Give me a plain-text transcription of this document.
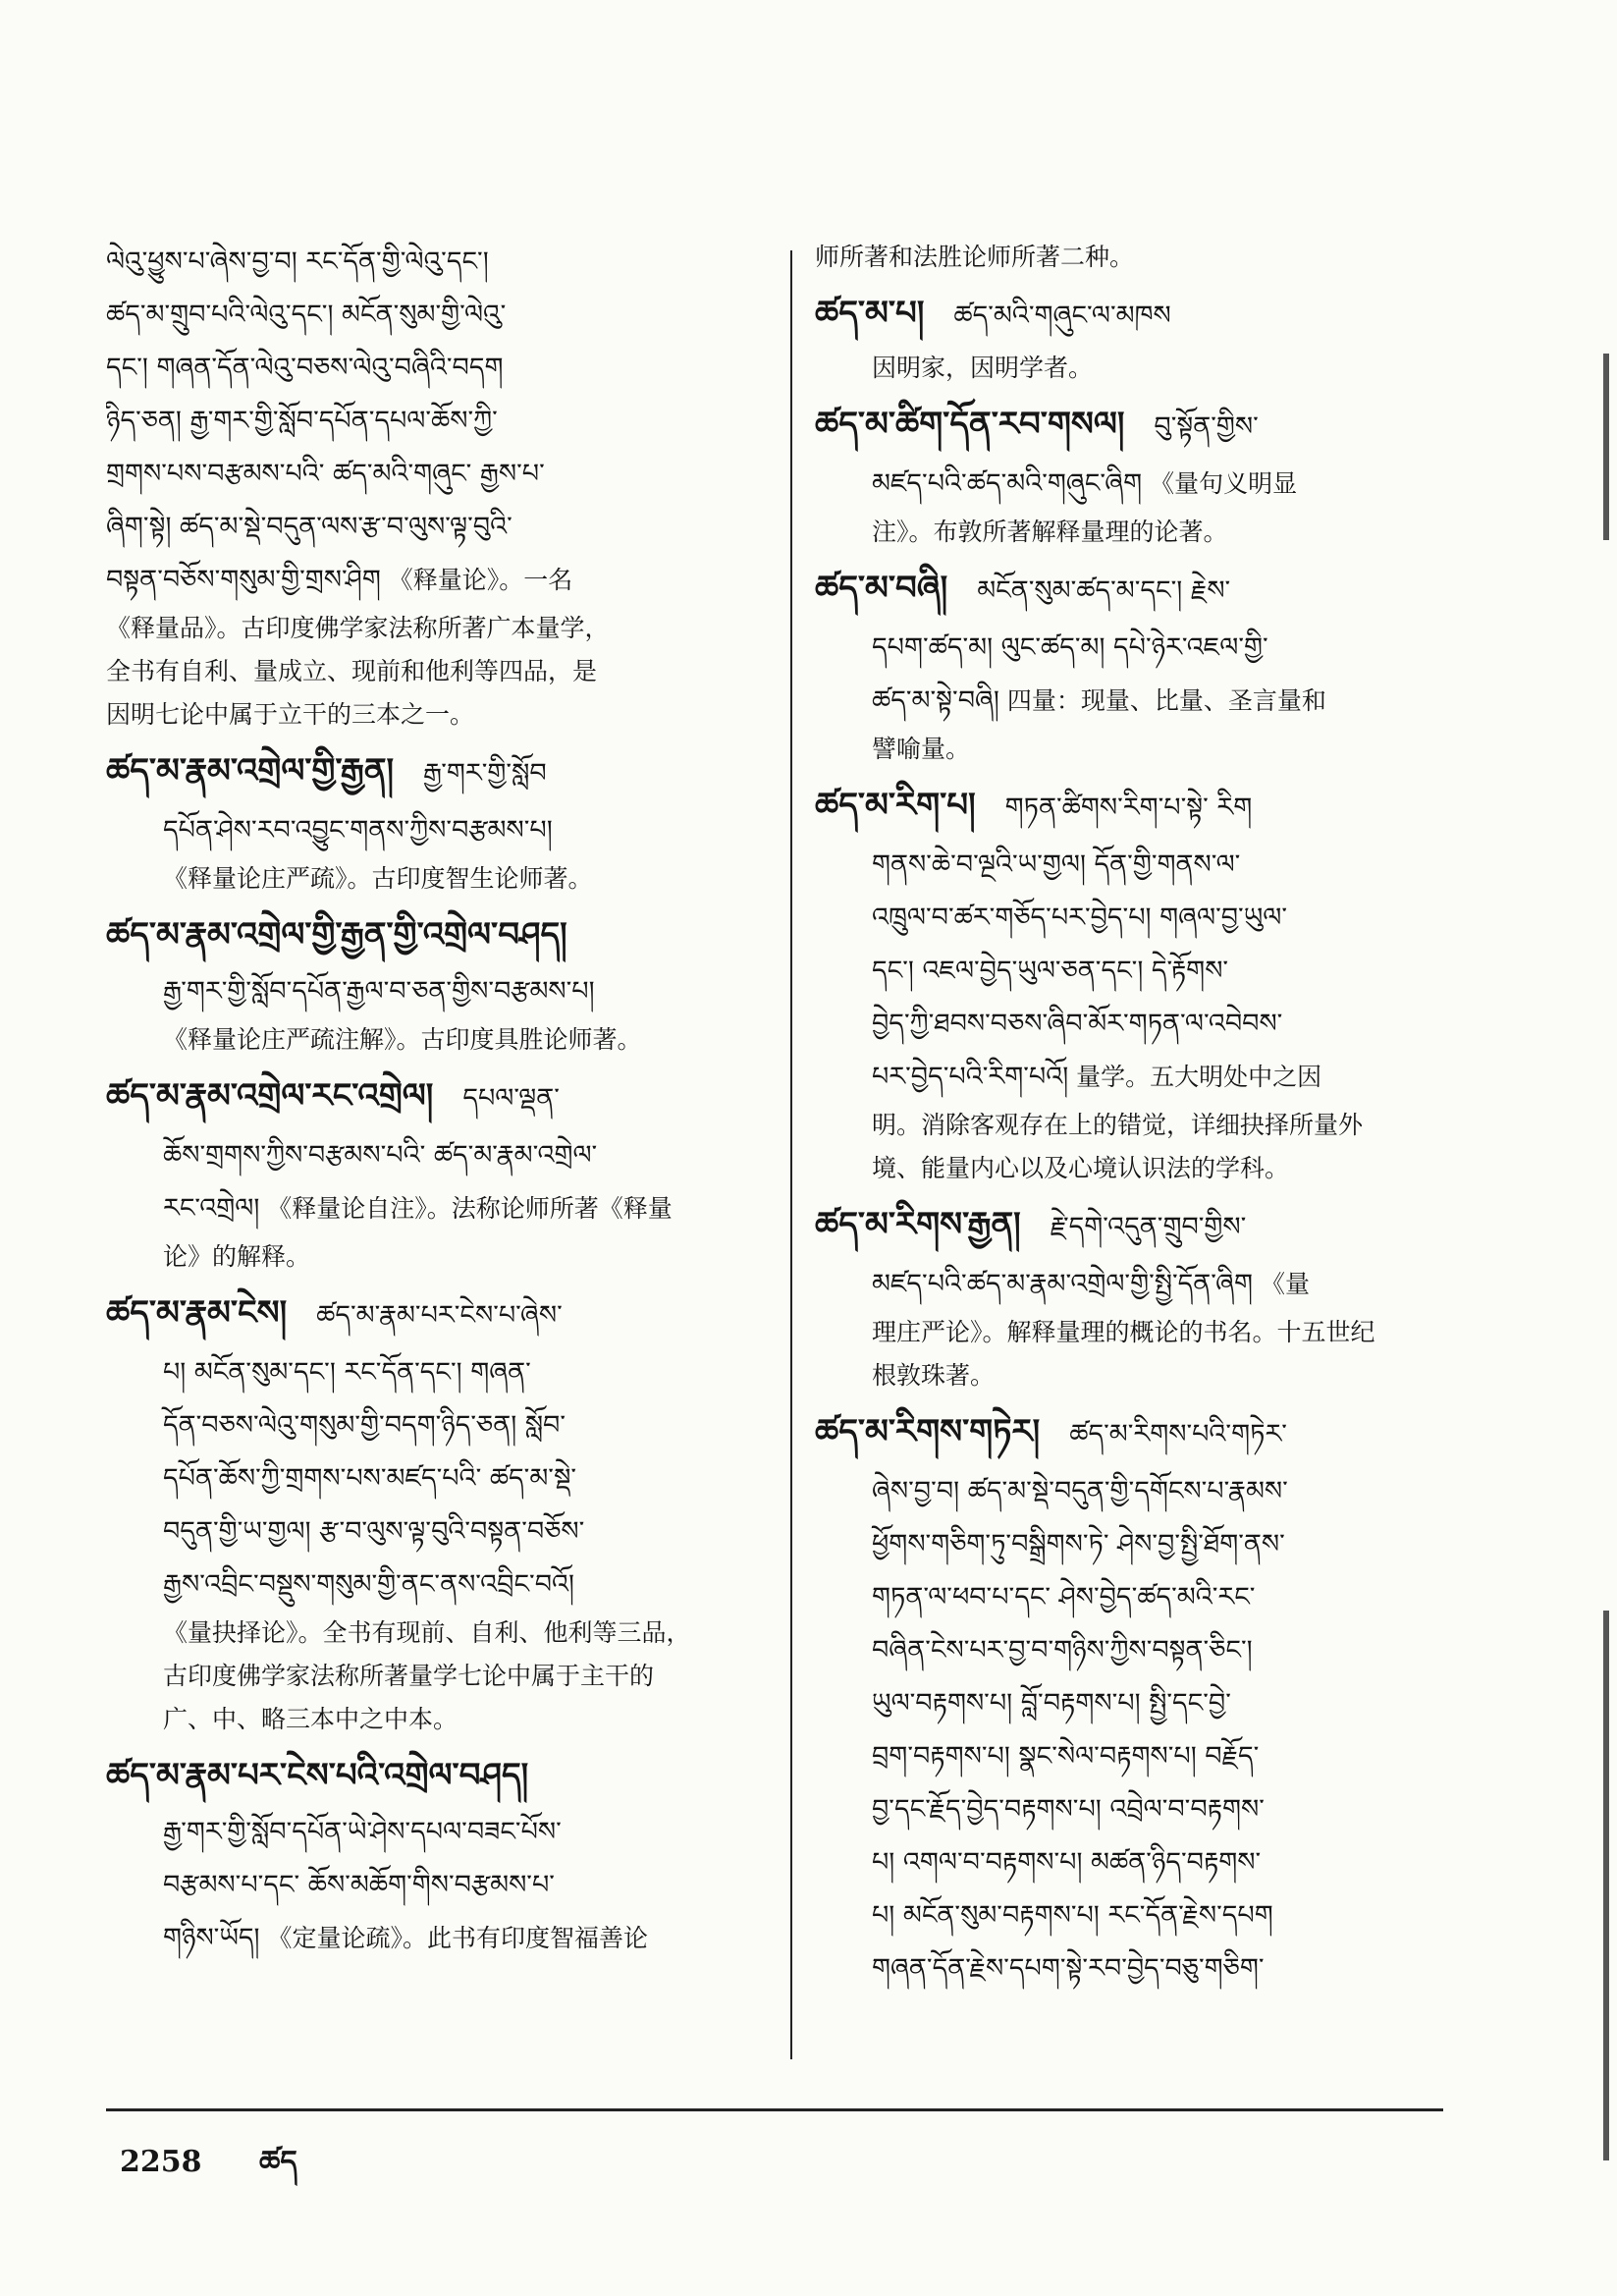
ལེའུ་ཕྱུས་པ་ཞེས་བྱ་བ། རང་དོན་གྱི་ལེའུ་དང་།
ཚད་མ་གྲུབ་པའི་ལེའུ་དང་། མངོན་སུམ་གྱི་ལེའུ་
དང་། གཞན་དོན་ལེའུ་བཅས་ལེའུ་བཞིའི་བདག
ཉིད་ཅན། རྒྱ་གར་གྱི་སློབ་དཔོན་དཔལ་ཆོས་ཀྱི་
གྲགས་པས་བརྩམས་པའི་ ཚད་མའི་གཞུང་ རྒྱས་པ་
ཞིག་སྟེ། ཚད་མ་སྡེ་བདུན་ལས་རྩ་བ་ལུས་ལྟ་བུའི་
བསྟན་བཅོས་གསུམ་གྱི་གྲས་ཤིག 《释量论》。一名
《释量品》。古印度佛学家法称所著广本量学，
全书有自利、量成立、现前和他利等四品，是
因明七论中属于立干的三本之一。
ཚད་མ་རྣམ་འགྲེལ་གྱི་རྒྱན། རྒྱ་གར་གྱི་སློབ
དཔོན་ཤེས་རབ་འབྱུང་གནས་ཀྱིས་བརྩམས་པ།
《释量论庄严疏》。古印度智生论师著。
ཚད་མ་རྣམ་འགྲེལ་གྱི་རྒྱན་གྱི་འགྲེལ་བཤད།
རྒྱ་གར་གྱི་སློབ་དཔོན་རྒྱལ་བ་ཅན་གྱིས་བརྩམས་པ།
《释量论庄严疏注解》。古印度具胜论师著。
ཚད་མ་རྣམ་འགྲེལ་རང་འགྲེལ། དཔལ་ལྡན་
ཆོས་གྲགས་ཀྱིས་བརྩམས་པའི་ ཚད་མ་རྣམ་འགྲེལ་
རང་འགྲེལ། 《释量论自注》。法称论师所著《释量
论》的解释。
ཚད་མ་རྣམ་ངེས། ཚད་མ་རྣམ་པར་ངེས་པ་ཞེས་
པ། མངོན་སུམ་དང་། རང་དོན་དང་། གཞན་
དོན་བཅས་ལེའུ་གསུམ་གྱི་བདག་ཉིད་ཅན། སློབ་
དཔོན་ཆོས་ཀྱི་གྲགས་པས་མཛད་པའི་ ཚད་མ་སྡེ་
བདུན་གྱི་ཡ་གྱལ། རྩ་བ་ལུས་ལྟ་བུའི་བསྟན་བཅོས་
རྒྱས་འབྲིང་བསྡུས་གསུམ་གྱི་ནང་ནས་འབྲིང་བའོ།
《量抉择论》。全书有现前、自利、他利等三品，
古印度佛学家法称所著量学七论中属于主干的
广、中、略三本中之中本。
ཚད་མ་རྣམ་པར་ངེས་པའི་འགྲེལ་བཤད།
རྒྱ་གར་གྱི་སློབ་དཔོན་ཡེ་ཤེས་དཔལ་བཟང་པོས་
བརྩམས་པ་དང་ ཆོས་མཆོག་གིས་བརྩམས་པ་
གཉིས་ཡོད། 《定量论疏》。此书有印度智福善论
师所著和法胜论师所著二种。
ཚད་མ་པ། ཚད་མའི་གཞུང་ལ་མཁས
因明家，因明学者。
ཚད་མ་ཚིག་དོན་རབ་གསལ། བུ་སྟོན་གྱིས་
མཛད་པའི་ཚད་མའི་གཞུང་ཞིག 《量句义明显
注》。布敦所著解释量理的论著。
ཚད་མ་བཞི། མངོན་སུམ་ཚད་མ་དང་། རྗེས་
དཔག་ཚད་མ། ལུང་ཚད་མ། དཔེ་ཉེར་འཇལ་གྱི་
ཚད་མ་སྟེ་བཞི། 四量：现量、比量、圣言量和
譬喻量。
ཚད་མ་རིག་པ། གཏན་ཚིགས་རིག་པ་སྟེ་ རིག
གནས་ཆེ་བ་ལྔའི་ཡ་གྱལ། དོན་གྱི་གནས་ལ་
འཁྲུལ་བ་ཚར་གཅོད་པར་བྱེད་པ། གཞལ་བྱ་ཡུལ་
དང་། འཇལ་བྱེད་ཡུལ་ཅན་དང་། དེ་རྟོགས་
བྱེད་ཀྱི་ཐབས་བཅས་ཞིབ་མོར་གཏན་ལ་འབེབས་
པར་བྱེད་པའི་རིག་པའོ། 量学。五大明处中之因
明。消除客观存在上的错觉，详细抉择所量外
境、能量内心以及心境认识法的学科。
ཚད་མ་རིགས་རྒྱན། རྗེ་དགེ་འདུན་གྲུབ་གྱིས་
མཛད་པའི་ཚད་མ་རྣམ་འགྲེལ་གྱི་སྤྱི་དོན་ཞིག 《量
理庄严论》。解释量理的概论的书名。十五世纪
根敦珠著。
ཚད་མ་རིགས་གཏེར། ཚད་མ་རིགས་པའི་གཏེར་
ཞེས་བྱ་བ། ཚད་མ་སྡེ་བདུན་གྱི་དགོངས་པ་རྣམས་
ཕྱོགས་གཅིག་ཏུ་བསྒྲིགས་ཏེ་ ཤེས་བྱ་སྤྱི་ཐོག་ནས་
གཏན་ལ་ཕབ་པ་དང་ ཤེས་བྱེད་ཚད་མའི་རང་
བཞིན་ངེས་པར་བྱ་བ་གཉིས་ཀྱིས་བསྟན་ཅིང་།
ཡུལ་བརྟགས་པ། བློ་བརྟགས་པ། སྤྱི་དང་བྱེ་
བྲག་བརྟགས་པ། སྣང་སེལ་བརྟགས་པ། བརྗོད་
བྱ་དང་རྗོད་བྱེད་བརྟགས་པ། འབྲེལ་བ་བརྟགས་
པ། འགལ་བ་བརྟགས་པ། མཚན་ཉིད་བརྟགས་
པ། མངོན་སུམ་བརྟགས་པ། རང་དོན་རྗེས་དཔག
གཞན་དོན་རྗེས་དཔག་སྟེ་རབ་བྱེད་བཅུ་གཅིག་
2258 ཚད
